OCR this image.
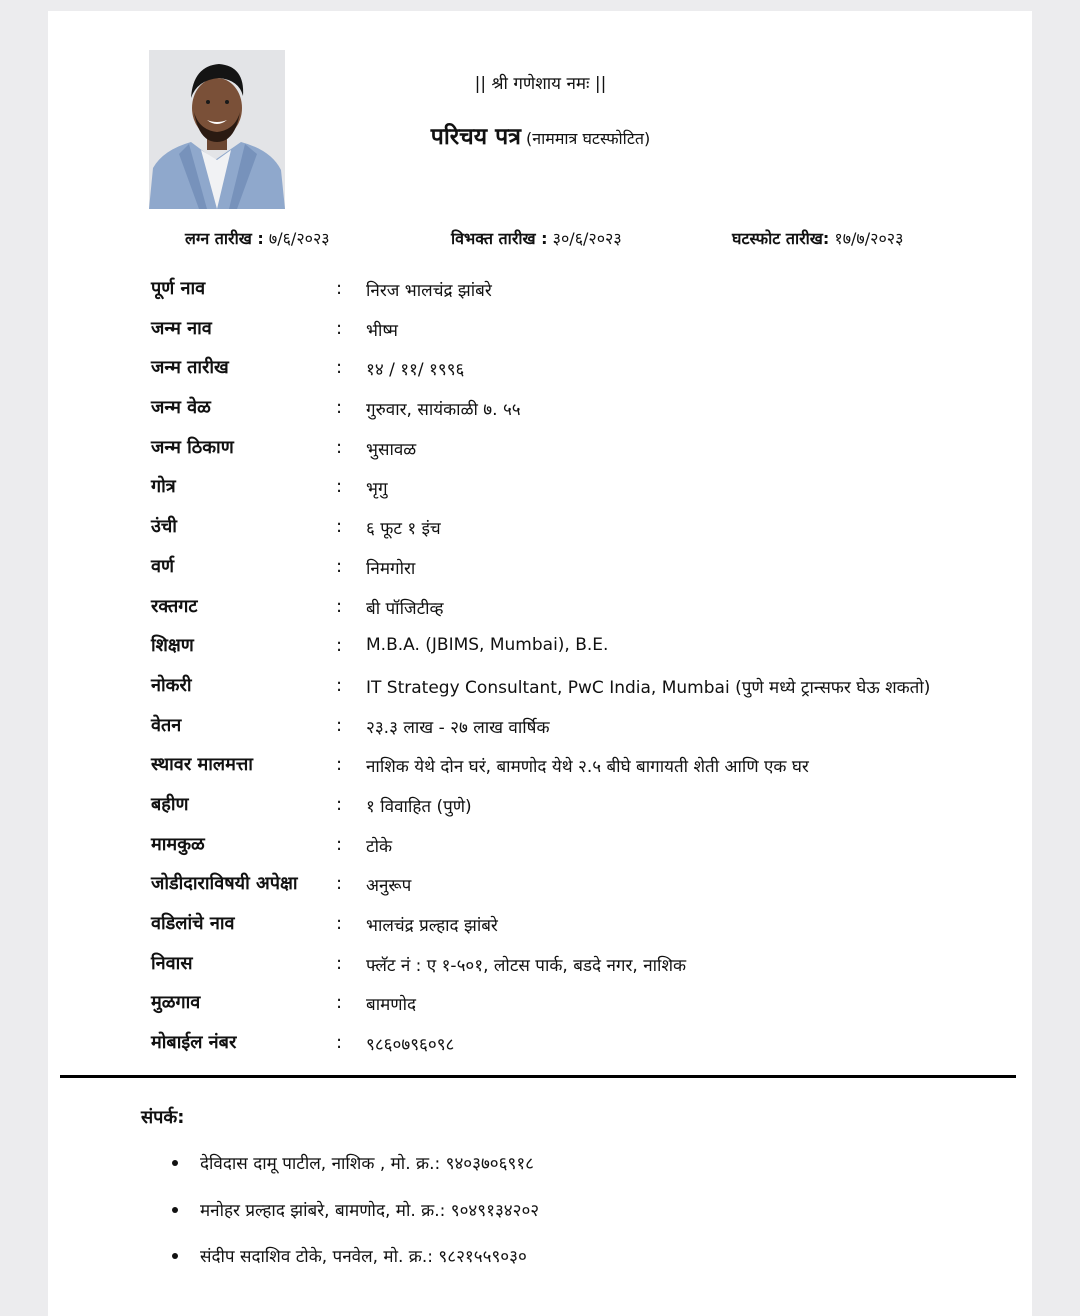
|| श्री गणेशाय नमः ||
परिचय पत्र (नाममात्र घटस्फोटित)
लग्न तारीख : ७/६/२०२३	विभक्त तारीख : ३०/६/२०२३	घटस्फोट तारीख: १७/७/२०२३
पूर्ण नाव	: निरज भालचंद्र झांबरे
जन्म नाव	: भीष्म
जन्म तारीख	: १४ / ११/ १९९६
जन्म वेळ	: गुरुवार, सायंकाळी ७. ५५
जन्म ठिकाण	: भुसावळ
गोत्र	: भृगु
उंची	: ६ फूट १ इंच
वर्ण	: निमगोरा
रक्तगट	: बी पॉजिटीव्ह
शिक्षण	: M.B.A. (JBIMS, Mumbai), B.E.
नोकरी	: IT Strategy Consultant, PwC India, Mumbai (पुणे मध्ये ट्रान्सफर घेऊ शकतो)
वेतन	: २३.३ लाख - २७ लाख वार्षिक
स्थावर मालमत्ता	: नाशिक येथे दोन घरं, बामणोद येथे २.५ बीघे बागायती शेती आणि एक घर
बहीण	: १ विवाहित (पुणे)
मामकुळ	: टोके
जोडीदाराविषयी अपेक्षा : अनुरूप
वडिलांचे नाव	: भालचंद्र प्रल्हाद झांबरे
निवास	: फ्लॅट नं : ए १-५०१, लोटस पार्क, बडदे नगर, नाशिक
मुळगाव	: बामणोद
मोबाईल नंबर	: ९८६०७९६०९८
संपर्क:
देविदास दामू पाटील, नाशिक , मो. क्र.: ९४०३७०६९१८
मनोहर प्रल्हाद झांबरे, बामणोद, मो. क्र.: ९०४९१३४२०२
संदीप सदाशिव टोके, पनवेल, मो. क्र.: ९८२१५५९०३०
